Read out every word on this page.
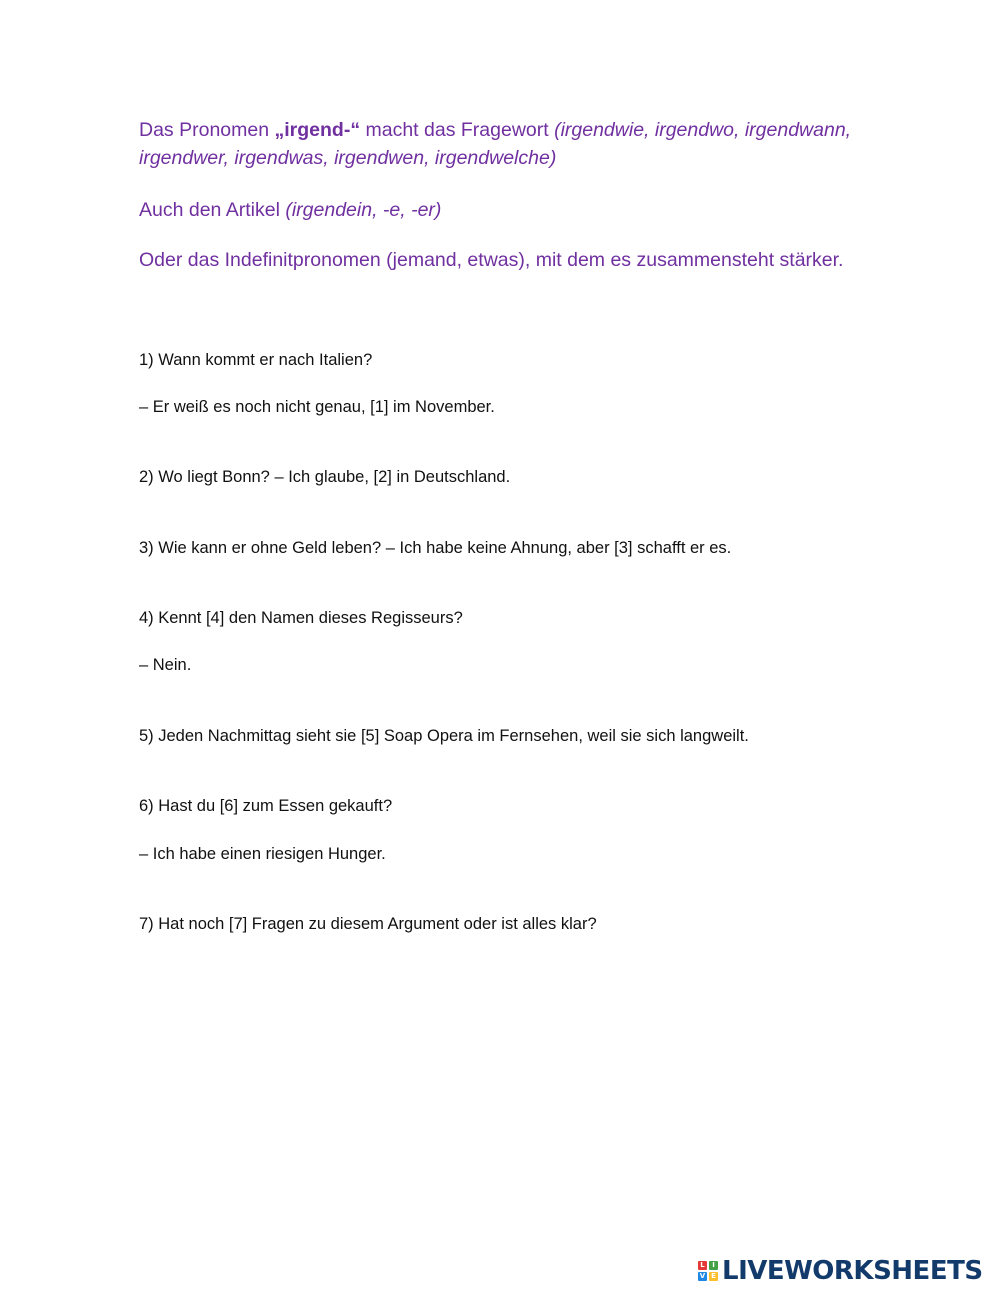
Das Pronomen „irgend-“ macht das Fragewort (irgendwie, irgendwo, irgendwann, irgendwer, irgendwas, irgendwen, irgendwelche)

Auch den Artikel (irgendein, -e, -er)

Oder das Indefinitpronomen (jemand, etwas), mit dem es zusammensteht stärker.

1) Wann kommt er nach Italien?

– Er weiß es noch nicht genau, [1] im November.

2) Wo liegt Bonn? – Ich glaube, [2] in Deutschland.

3) Wie kann er ohne Geld leben? – Ich habe keine Ahnung, aber [3] schafft er es.

4) Kennt [4] den Namen dieses Regisseurs?

– Nein.

5) Jeden Nachmittag sieht sie [5] Soap Opera im Fernsehen, weil sie sich langweilt.

6) Hast du [6] zum Essen gekauft?

– Ich habe einen riesigen Hunger.

7) Hat noch [7] Fragen zu diesem Argument oder ist alles klar?

L	I
V E LIVEWORKSHEETS
